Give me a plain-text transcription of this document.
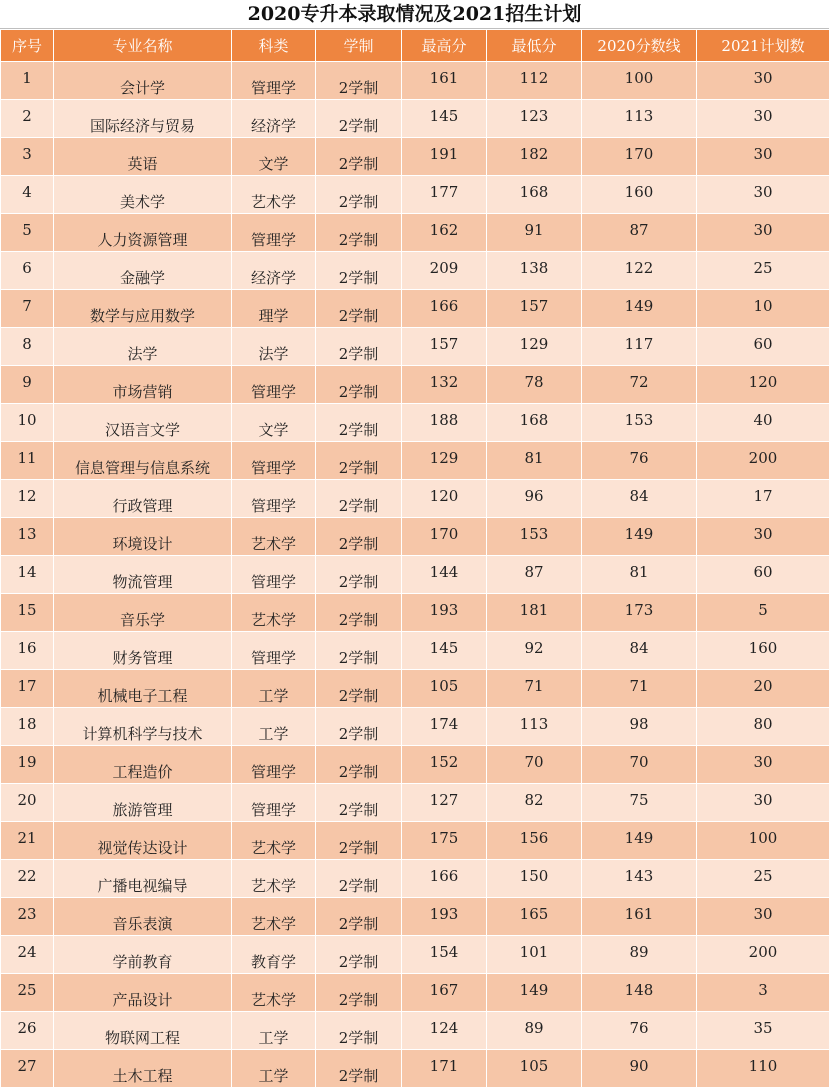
2020专升本录取情况及2021招生计划
序号	专业名称	科类	学制	最高分	最低分	2020分数线	2021计划数
1	会计学	管理学	2学制	161	112	100	30
2	国际经济与贸易	经济学	2学制	145	123	113	30
3	英语	文学	2学制	191	182	170	30
4	美术学	艺术学	2学制	177	168	160	30
5	人力资源管理	管理学	2学制	162	91	87	30
6	金融学	经济学	2学制	209	138	122	25
7	数学与应用数学	理学	2学制	166	157	149	10
8	法学	法学	2学制	157	129	117	60
9	市场营销	管理学	2学制	132	78	72	120
10	汉语言文学	文学	2学制	188	168	153	40
11	信息管理与信息系统	管理学	2学制	129	81	76	200
12	行政管理	管理学	2学制	120	96	84	17
13	环境设计	艺术学	2学制	170	153	149	30
14	物流管理	管理学	2学制	144	87	81	60
15	音乐学	艺术学	2学制	193	181	173	5
16	财务管理	管理学	2学制	145	92	84	160
17	机械电子工程	工学	2学制	105	71	71	20
18	计算机科学与技术	工学	2学制	174	113	98	80
19	工程造价	管理学	2学制	152	70	70	30
20	旅游管理	管理学	2学制	127	82	75	30
21	视觉传达设计	艺术学	2学制	175	156	149	100
22	广播电视编导	艺术学	2学制	166	150	143	25
23	音乐表演	艺术学	2学制	193	165	161	30
24	学前教育	教育学	2学制	154	101	89	200
25	产品设计	艺术学	2学制	167	149	148	3
26	物联网工程	工学	2学制	124	89	76	35
27	土木工程	工学	2学制	171	105	90	110
